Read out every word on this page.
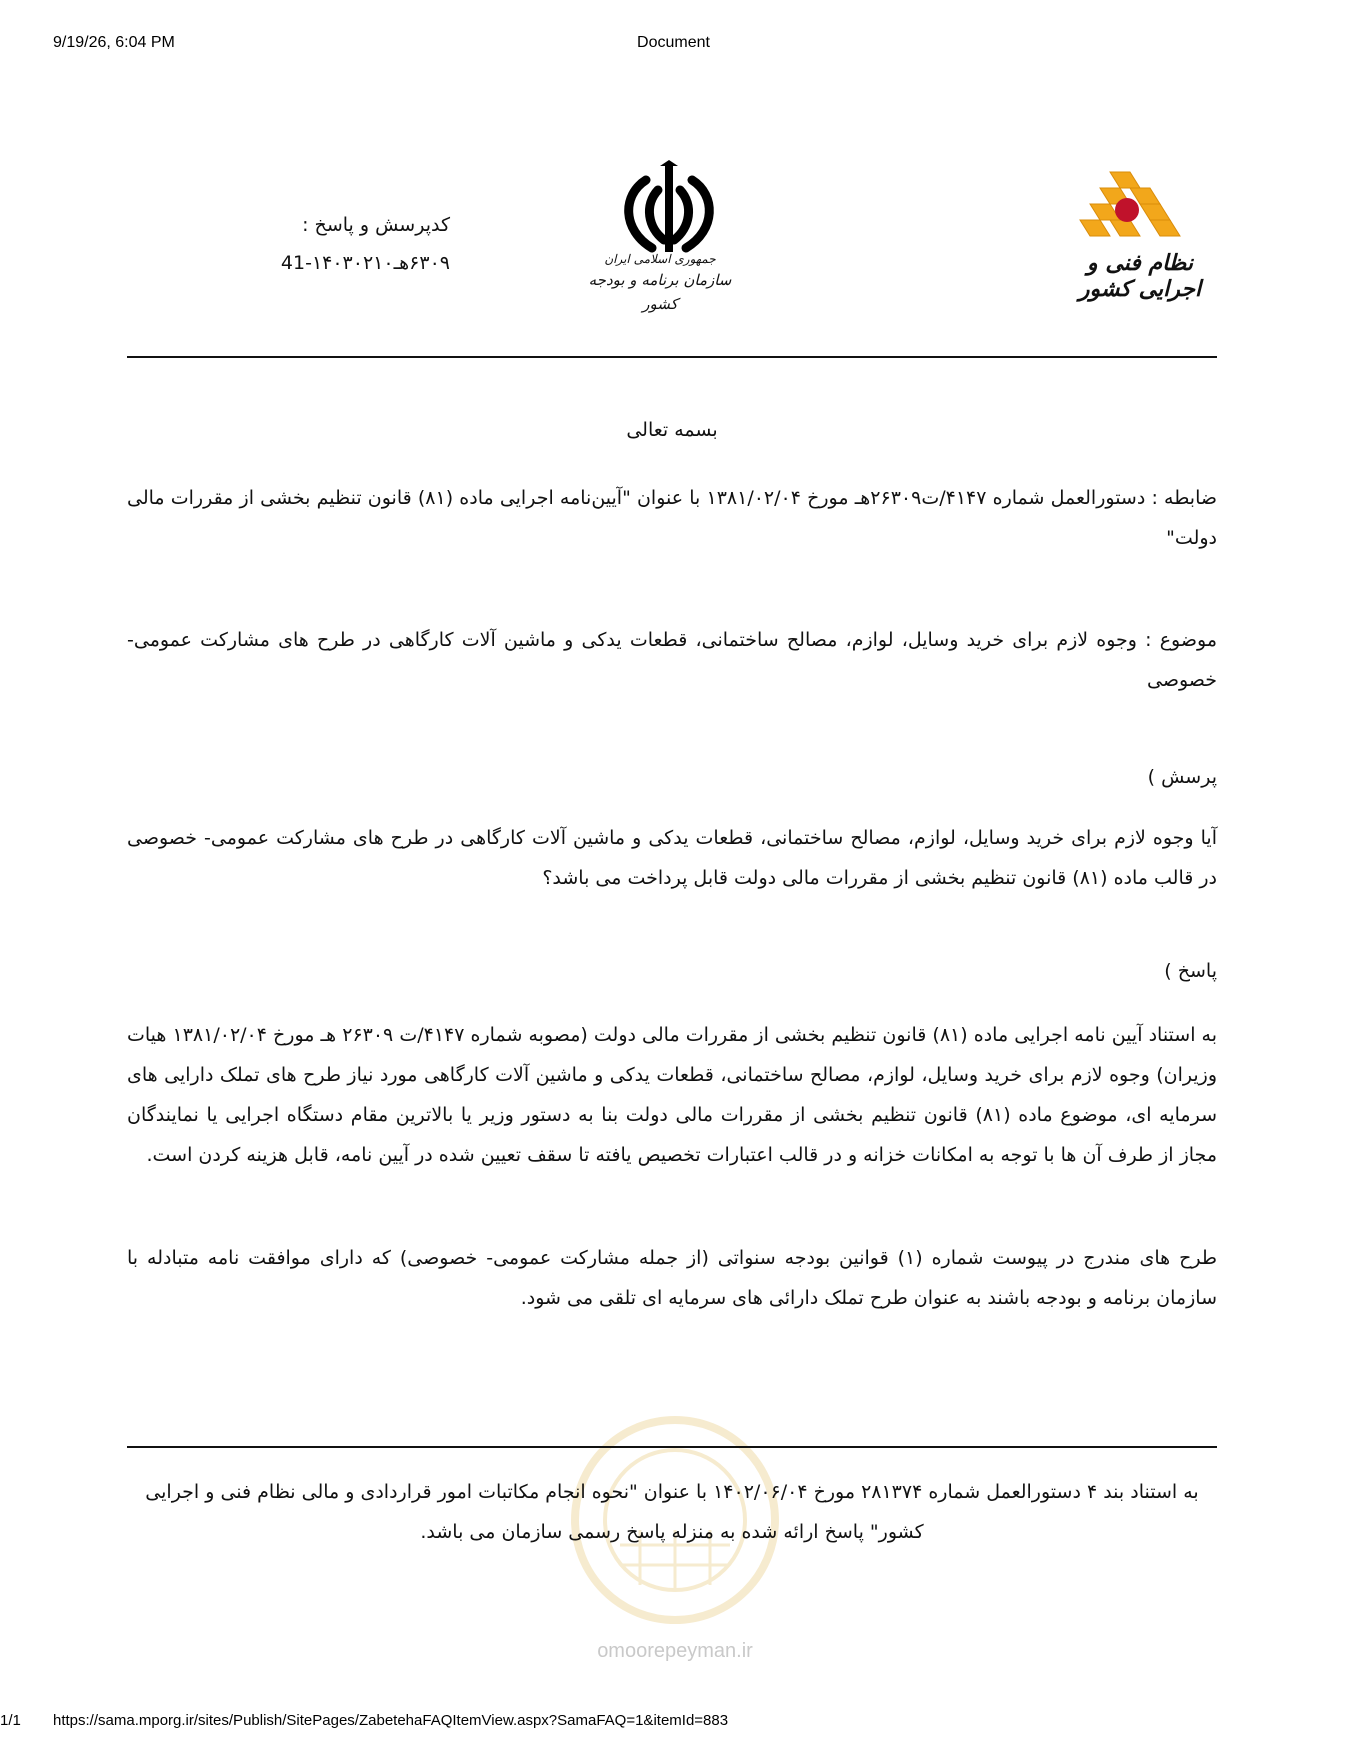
9/19/26, 6:04 PM	Document
https://sama.mporg.ir/sites/Publish/SitePages/ZabetehaFAQItemView.aspx?SamaFAQ=1&itemId=883
1/1
کدپرسش و پاسخ :
۶۳۰۹هـ۱۴۰۳۰۲۱۰-41	جمهوری اسلامی ایران
سازمان برنامه و بودجه کشور
نظام فنی و اجرایی کشور
بسمه تعالی
ضابطه : دستورالعمل شماره ۴۱۴۷/ت۲۶۳۰۹هـ مورخ ۱۳۸۱/۰۲/۰۴ با عنوان "آیین‌نامه اجرایی ماده (۸۱) قانون تنظیم بخشی از مقررات مالی دولت"
موضوع : وجوه لازم برای خرید وسایل، لوازم، مصالح ساختمانی، قطعات یدکی و ماشین آلات کارگاهی در طرح های مشارکت عمومی- خصوصی
پرسش )
آیا وجوه لازم برای خرید وسایل، لوازم، مصالح ساختمانی، قطعات یدکی و ماشین آلات کارگاهی در طرح های مشارکت عمومی- خصوصی در قالب ماده (۸۱) قانون تنظیم بخشی از مقررات مالی دولت قابل پرداخت می باشد؟
پاسخ )
به استناد آیین نامه اجرایی ماده (۸۱) قانون تنظیم بخشی از مقررات مالی دولت (مصوبه شماره ۴۱۴۷/ت ۲۶۳۰۹ هـ مورخ ۱۳۸۱/۰۲/۰۴ هیات وزیران) وجوه لازم برای خرید وسایل، لوازم، مصالح ساختمانی، قطعات یدکی و ماشین آلات کارگاهی مورد نیاز طرح های تملک دارایی های سرمایه ای، موضوع ماده (۸۱) قانون تنظیم بخشی از مقررات مالی دولت بنا به دستور وزیر یا بالاترین مقام دستگاه اجرایی یا نمایندگان مجاز از طرف آن ها با توجه به امکانات خزانه و در قالب اعتبارات تخصیص یافته تا سقف تعیین شده در آیین نامه، قابل هزینه کردن است.
طرح های مندرج در پیوست شماره (۱) قوانین بودجه سنواتی (از جمله مشارکت عمومی- خصوصی) که دارای موافقت نامه متبادله با سازمان برنامه و بودجه باشند به عنوان طرح تملک دارائی های سرمایه ای تلقی می شود.
به استناد بند ۴ دستورالعمل شماره ۲۸۱۳۷۴ مورخ ۱۴۰۲/۰۶/۰۴ با عنوان "نحوه انجام مکاتبات امور قراردادی و مالی نظام فنی و اجرایی کشور" پاسخ ارائه شده به منزله پاسخ رسمی سازمان می باشد.
omoorepeyman.ir
